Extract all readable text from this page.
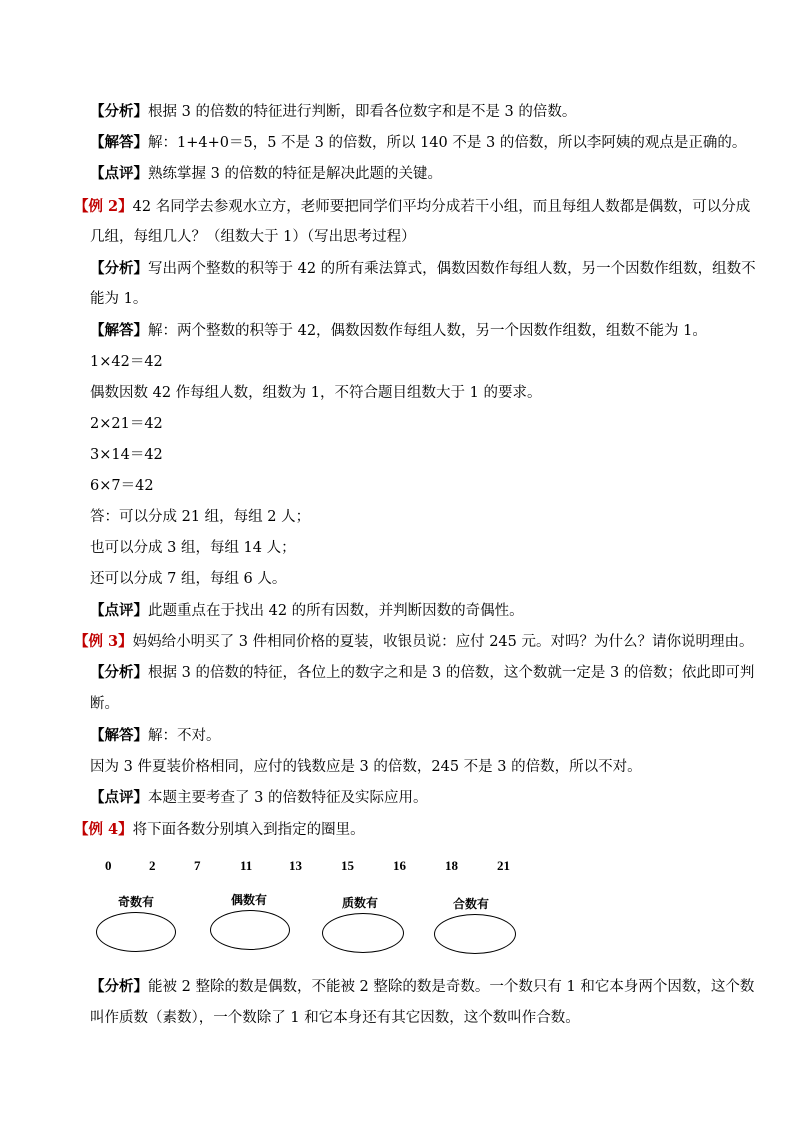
【分析】根据 3 的倍数的特征进行判断，即看各位数字和是不是 3 的倍数。
【解答】解：1+4+0＝5，5 不是 3 的倍数，所以 140 不是 3 的倍数，所以李阿姨的观点是正确的。
【点评】熟练掌握 3 的倍数的特征是解决此题的关键。
【例 2】42 名同学去参观水立方，老师要把同学们平均分成若干小组，而且每组人数都是偶数，可以分成
几组，每组几人？（组数大于 1）（写出思考过程）
【分析】写出两个整数的积等于 42 的所有乘法算式，偶数因数作每组人数，另一个因数作组数，组数不
能为 1。
【解答】解：两个整数的积等于 42，偶数因数作每组人数，另一个因数作组数，组数不能为 1。
1×42＝42
偶数因数 42 作每组人数，组数为 1，不符合题目组数大于 1 的要求。
2×21＝42
3×14＝42
6×7＝42
答：可以分成 21 组，每组 2 人；
也可以分成 3 组，每组 14 人；
还可以分成 7 组，每组 6 人。
【点评】此题重点在于找出 42 的所有因数，并判断因数的奇偶性。
【例 3】妈妈给小明买了 3 件相同价格的夏装，收银员说：应付 245 元。对吗？为什么？请你说明理由。
【分析】根据 3 的倍数的特征，各位上的数字之和是 3 的倍数，这个数就一定是 3 的倍数；依此即可判
断。
【解答】解：不对。
因为 3 件夏装价格相同，应付的钱数应是 3 的倍数，245 不是 3 的倍数，所以不对。
【点评】本题主要考查了 3 的倍数特征及实际应用。
【例 4】将下面各数分别填入到指定的圈里。
0	2	7	11	13	15	16	18	21
奇数有	偶数有	质数有	合数有
【分析】能被 2 整除的数是偶数，不能被 2 整除的数是奇数。一个数只有 1 和它本身两个因数，这个数
叫作质数（素数），一个数除了 1 和它本身还有其它因数，这个数叫作合数。
